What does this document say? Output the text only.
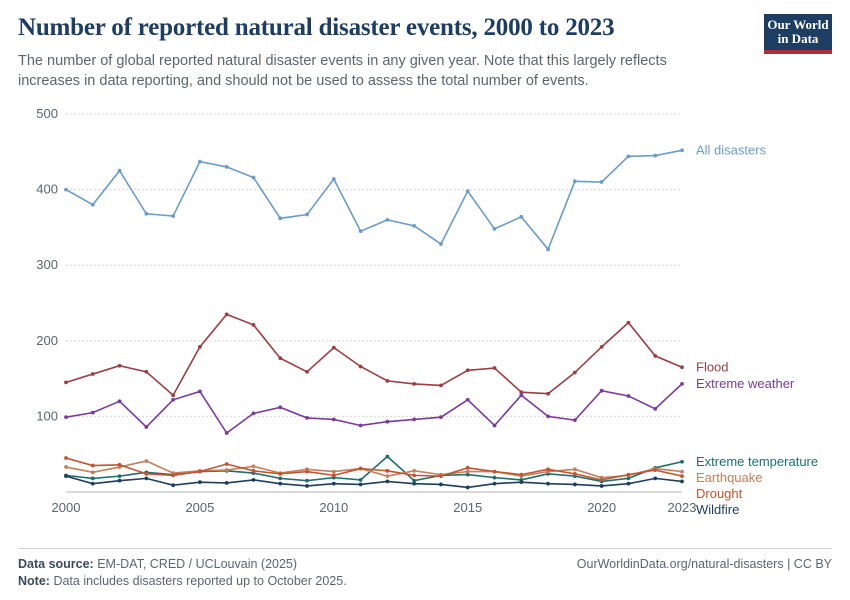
Number of reported natural disaster events, 2000 to 2023

The number of global reported natural disaster events in any given year. Note that this largely reflects increases in data reporting, and should not be used to assess the total number of events.

Our World
in Data
100
200
300
400
500
2000	2005	2010	2015	2020	2023
All disasters
Flood
Extreme weather
Extreme temperature
Earthquake
Drought
Wildfire
Data source: EM-DAT, CRED / UCLouvain (2025)	OurWorldinData.org/natural-disasters | CC BY
Note: Data includes disasters reported up to October 2025.
